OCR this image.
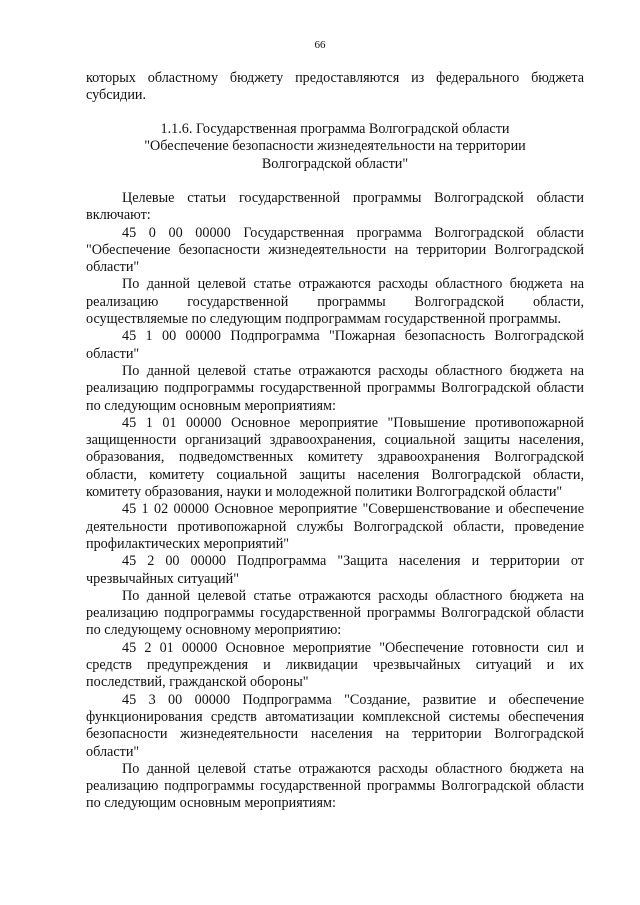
66

которых областному бюджету предоставляются из федерального бюджета субсидии.

1.1.6. Государственная программа Волгоградской области

"Обеспечение безопасности жизнедеятельности на территории

Волгоградской области"

Целевые статьи государственной программы Волгоградской области включают:

45 0 00 00000 Государственная программа Волгоградской области "Обеспечение безопасности жизнедеятельности на территории Волгоградской области"

По данной целевой статье отражаются расходы областного бюджета на реализацию государственной программы Волгоградской области, осуществляемые по следующим подпрограммам государственной программы.

45 1 00 00000 Подпрограмма "Пожарная безопасность Волгоградской области"

По данной целевой статье отражаются расходы областного бюджета на реализацию подпрограммы государственной программы Волгоградской области по следующим основным мероприятиям:

45 1 01 00000 Основное мероприятие "Повышение противопожарной защищенности организаций здравоохранения, социальной защиты населения, образования, подведомственных комитету здравоохранения Волгоградской области, комитету социальной защиты населения Волгоградской области, комитету образования, науки и молодежной политики Волгоградской области"

45 1 02 00000 Основное мероприятие "Совершенствование и обеспечение деятельности противопожарной службы Волгоградской области, проведение профилактических мероприятий"

45 2 00 00000 Подпрограмма "Защита населения и территории от чрезвычайных ситуаций"

По данной целевой статье отражаются расходы областного бюджета на реализацию подпрограммы государственной программы Волгоградской области по следующему основному мероприятию:

45 2 01 00000 Основное мероприятие "Обеспечение готовности сил и средств предупреждения и ликвидации чрезвычайных ситуаций и их последствий, гражданской обороны"

45 3 00 00000 Подпрограмма "Создание, развитие и обеспечение функционирования средств автоматизации комплексной системы обеспечения безопасности жизнедеятельности населения на территории Волгоградской области"

По данной целевой статье отражаются расходы областного бюджета на реализацию подпрограммы государственной программы Волгоградской области по следующим основным мероприятиям:
